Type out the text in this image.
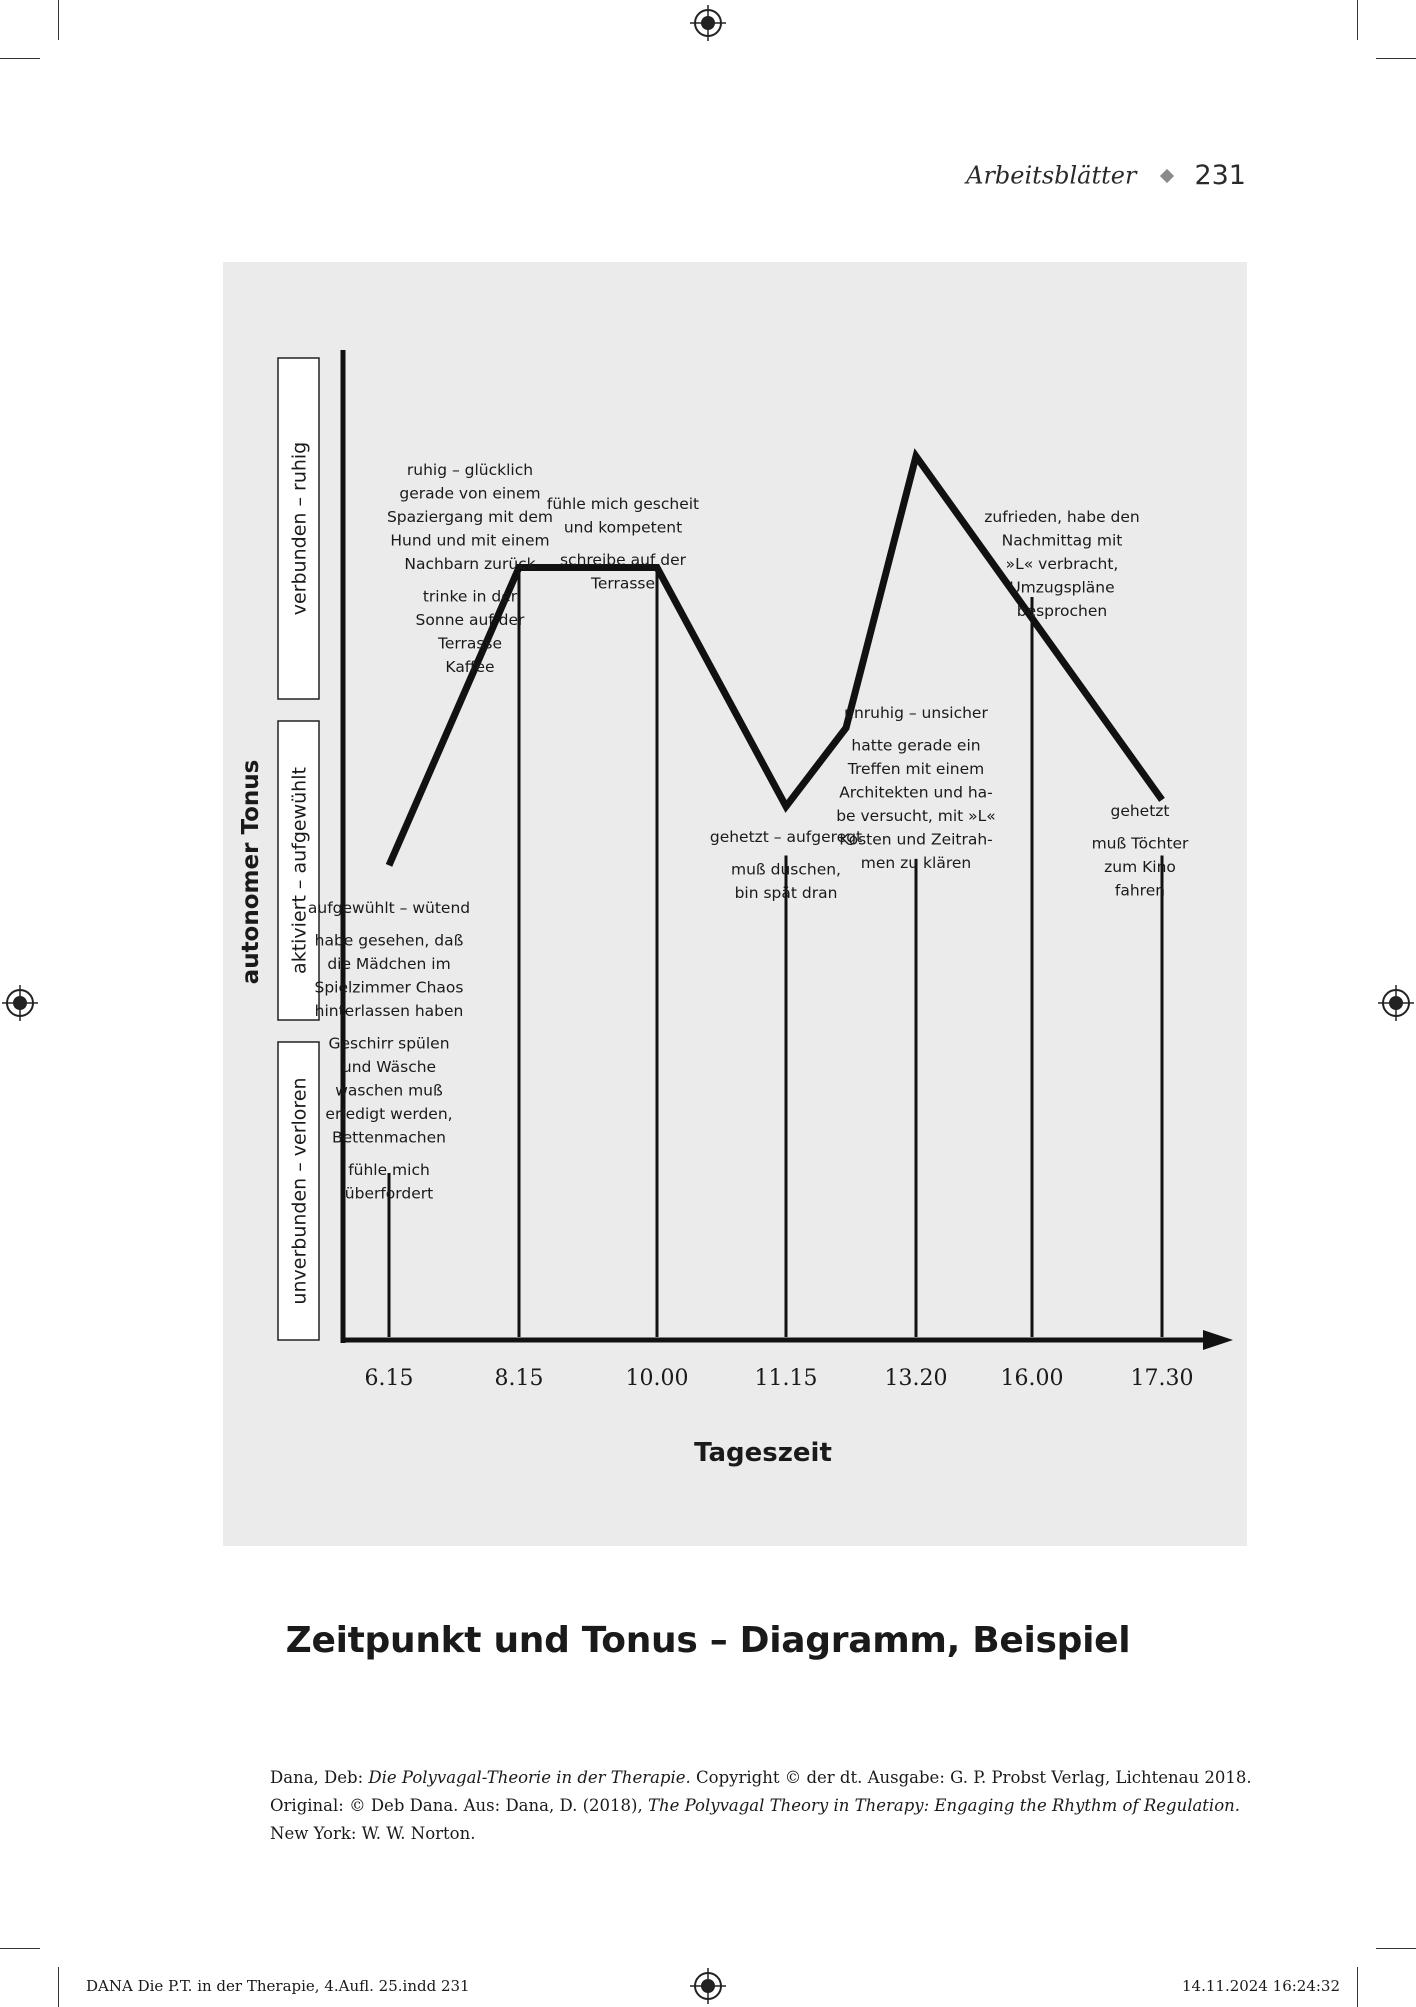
Arbeitsblätter 231
unverbunden – verloren
aktiviert – aufgewühlt
verbunden – ruhig
autonomer Tonus
6.15	8.15	10.00	11.15	13.20 16.00	17.30
Tageszeit
aufgewühlt – wütend
habe gesehen, daß
die Mädchen im
Spielzimmer Chaos
hinterlassen haben
Geschirr spülen
und Wäsche
waschen muß
erledigt werden,
Bettenmachen
fühle mich
überfordert
ruhig – glücklich
gerade von einem
Spaziergang mit dem
Hund und mit einem
Nachbarn zurück
trinke in der
Sonne auf der
Terrasse
Kaffee
fühle mich gescheit
und kompetent
schreibe auf der
Terrasse
gehetzt – aufgeregt
muß duschen,
bin spät dran
unruhig – unsicher
hatte gerade ein
Treffen mit einem
Architekten und ha-
be versucht, mit »L«
Kosten und Zeitrah-
men zu klären
zufrieden, habe den
Nachmittag mit
»L« verbracht,
Umzugspläne
besprochen
gehetzt
muß Töchter
zum Kino
fahren
Zeitpunkt und Tonus – Diagramm, Beispiel
Dana, Deb: Die Polyvagal-Theorie in der Therapie. Copyright © der dt. Ausgabe: G. P. Probst Verlag, Lichtenau 2018.
Original: © Deb Dana. Aus: Dana, D. (2018), The Polyvagal Theory in Therapy: Engaging the Rhythm of Regulation.
New York: W. W. Norton.
DANA Die P.T. in der Therapie, 4.Aufl. 25.indd 231	14.11.2024 16:24:32
